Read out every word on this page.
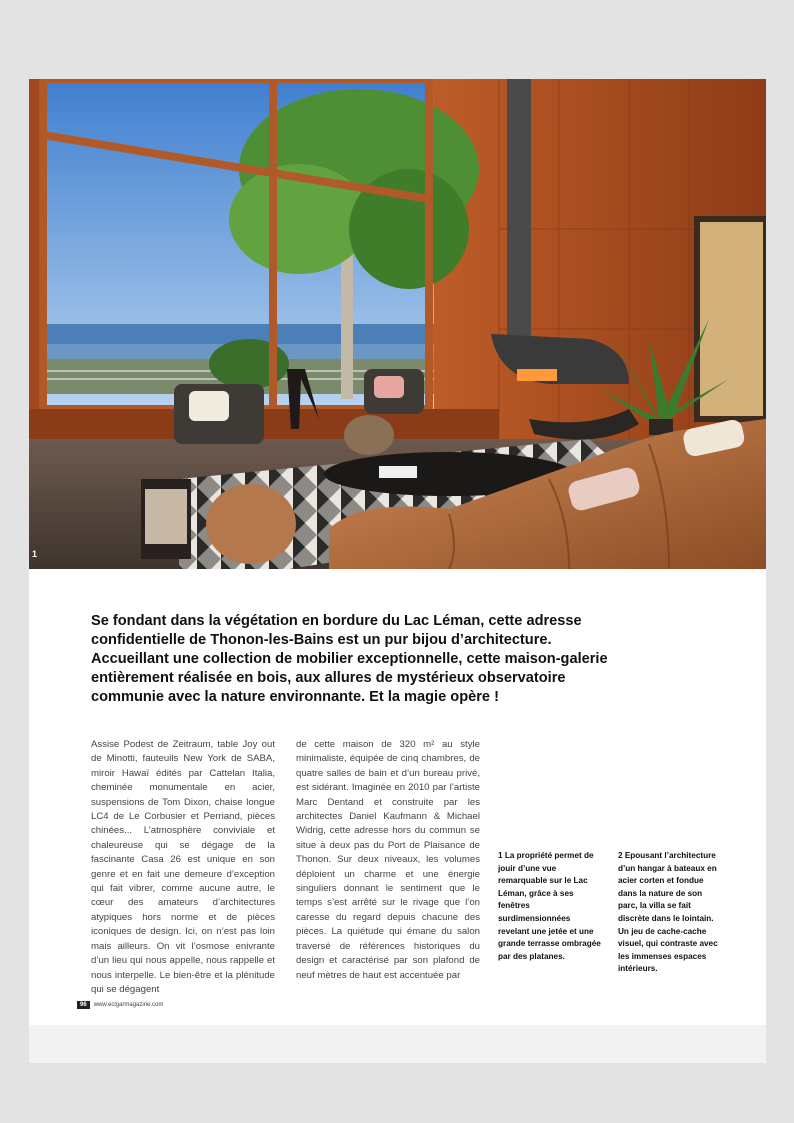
1
Se fondant dans la végétation en bordure du Lac Léman, cette adresse confidentielle de Thonon-les-Bains est un pur bijou d’architecture. Accueillant une collection de mobilier exceptionnelle, cette maison-galerie entièrement réalisée en bois, aux allures de mystérieux observatoire communie avec la nature environnante. Et la magie opère !
Assise Podest de Zeitraum, table Joy out de Minotti, fauteuils New York de SABA, miroir Hawaï édités par Cattelan Italia, cheminée monumentale en acier, suspensions de Tom Dixon, chaise longue LC4 de Le Corbusier et Perriand, pièces chinées... L’atmosphère conviviale et chaleureuse qui se dégage de la fascinante Casa 26 est unique en son genre et en fait une demeure d’exception qui fait vibrer, comme aucune autre, le cœur des amateurs d’architectures atypiques hors norme et de pièces iconiques de design. Ici, on n’est pas loin mais ailleurs. On vit l’osmose enivrante d’un lieu qui nous appelle, nous rappelle et nous interpelle. Le bien-être et la plénitude qui se dégagent
de cette maison de 320 m² au style minimaliste, équipée de cinq chambres, de quatre salles de bain et d’un bureau privé, est sidérant. Imaginée en 2010 par l’artiste Marc Dentand et construite par les architectes Daniel Kaufmann & Michael Widrig, cette adresse hors du commun se situe à deux pas du Port de Plaisance de Thonon. Sur deux niveaux, les volumes déploient un charme et une énergie singuliers donnant le sentiment que le temps s’est arrêté sur le rivage que l’on caresse du regard depuis chacune des pièces. La quiétude qui émane du salon traversé de références historiques du design et caractérisé par son plafond de neuf mètres de haut est accentuée par
1 La propriété permet de jouir d’une vue remarquable sur le Lac Léman, grâce à ses fenêtres surdimensionnées revelant une jetée et une grande terrasse ombragée par des platanes.
2 Epousant l’architecture d’un hangar à bateaux en acier corten et fondue dans la nature de son parc, la villa se fait discrète dans le lointain. Un jeu de cache-cache visuel, qui contraste avec les immenses espaces intérieurs.
96	www.eclgarmagazine.com
